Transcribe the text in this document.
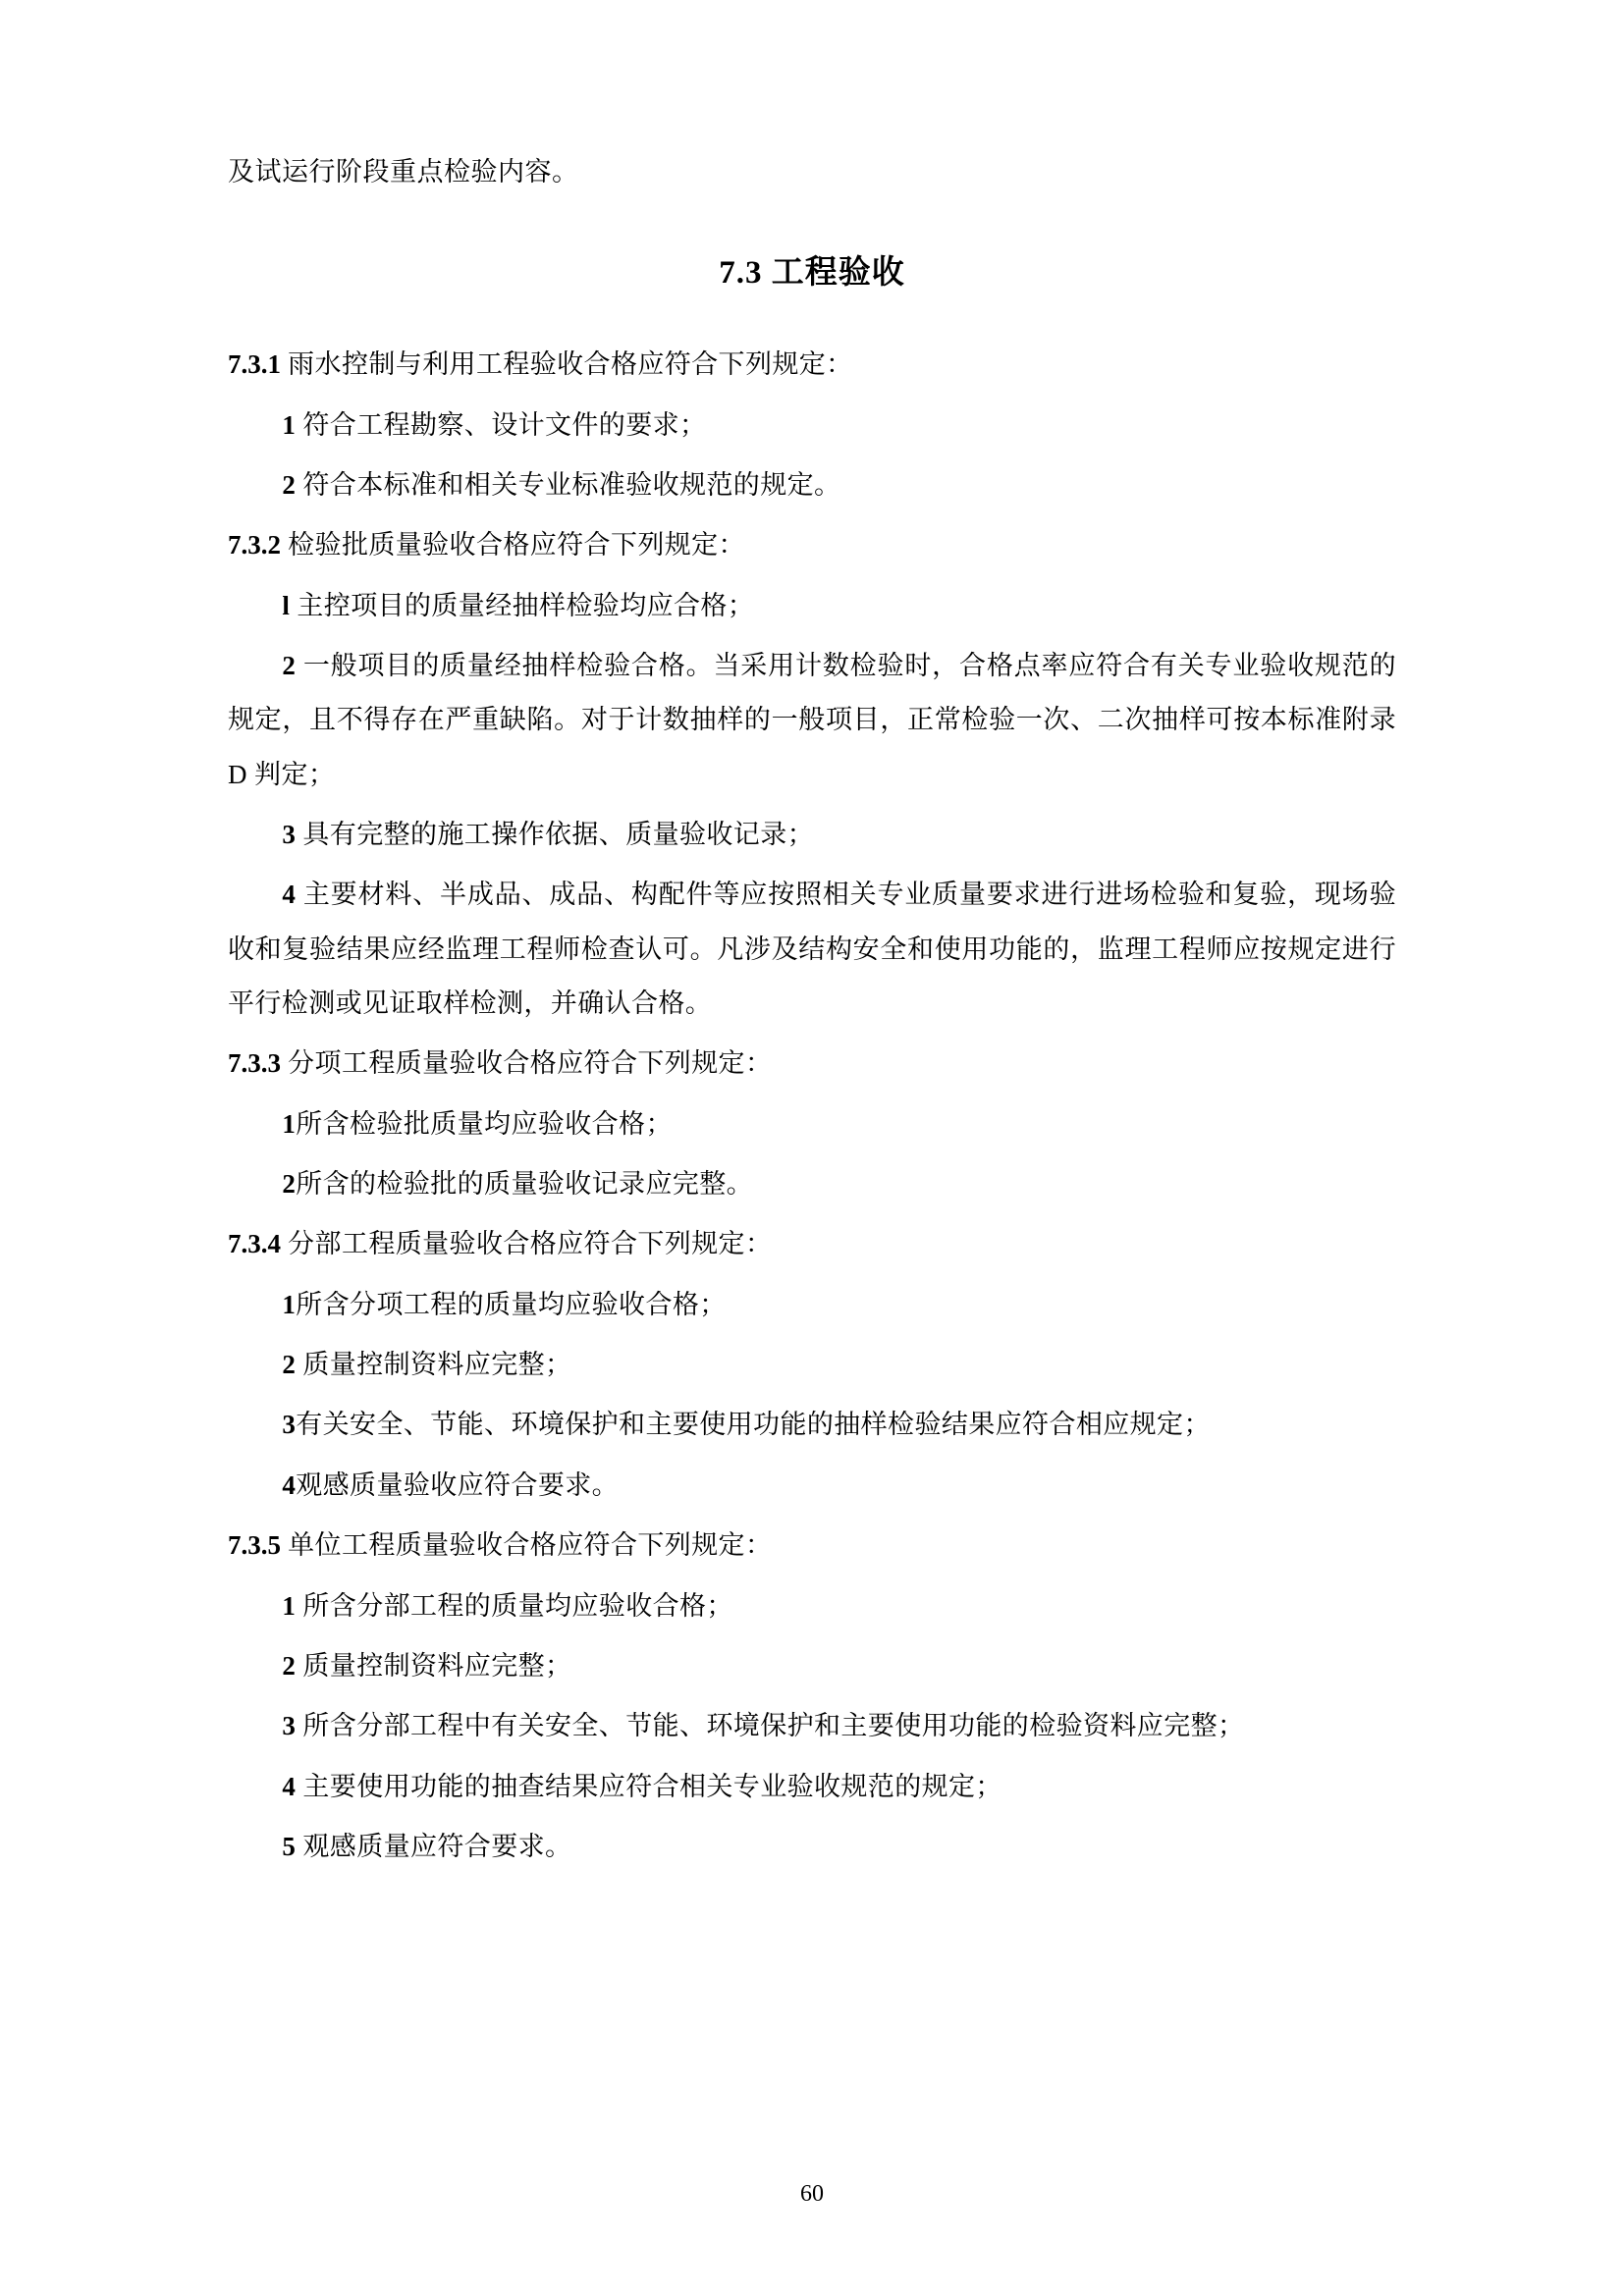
及试运行阶段重点检验内容。

7.3 工程验收

7.3.1 雨水控制与利用工程验收合格应符合下列规定：

1 符合工程勘察、设计文件的要求；

2 符合本标准和相关专业标准验收规范的规定。

7.3.2 检验批质量验收合格应符合下列规定：

l 主控项目的质量经抽样检验均应合格；

2 一般项目的质量经抽样检验合格。当采用计数检验时，合格点率应符合有关专业验收规范的规定，且不得存在严重缺陷。对于计数抽样的一般项目，正常检验一次、二次抽样可按本标准附录 D 判定；

3 具有完整的施工操作依据、质量验收记录；

4 主要材料、半成品、成品、构配件等应按照相关专业质量要求进行进场检验和复验，现场验收和复验结果应经监理工程师检查认可。凡涉及结构安全和使用功能的，监理工程师应按规定进行平行检测或见证取样检测，并确认合格。

7.3.3 分项工程质量验收合格应符合下列规定：

1所含检验批质量均应验收合格；

2所含的检验批的质量验收记录应完整。

7.3.4 分部工程质量验收合格应符合下列规定：

1所含分项工程的质量均应验收合格；

2 质量控制资料应完整；

3有关安全、节能、环境保护和主要使用功能的抽样检验结果应符合相应规定；

4观感质量验收应符合要求。

7.3.5 单位工程质量验收合格应符合下列规定：

1 所含分部工程的质量均应验收合格；

2 质量控制资料应完整；

3 所含分部工程中有关安全、节能、环境保护和主要使用功能的检验资料应完整；

4 主要使用功能的抽查结果应符合相关专业验收规范的规定；

5 观感质量应符合要求。

60
